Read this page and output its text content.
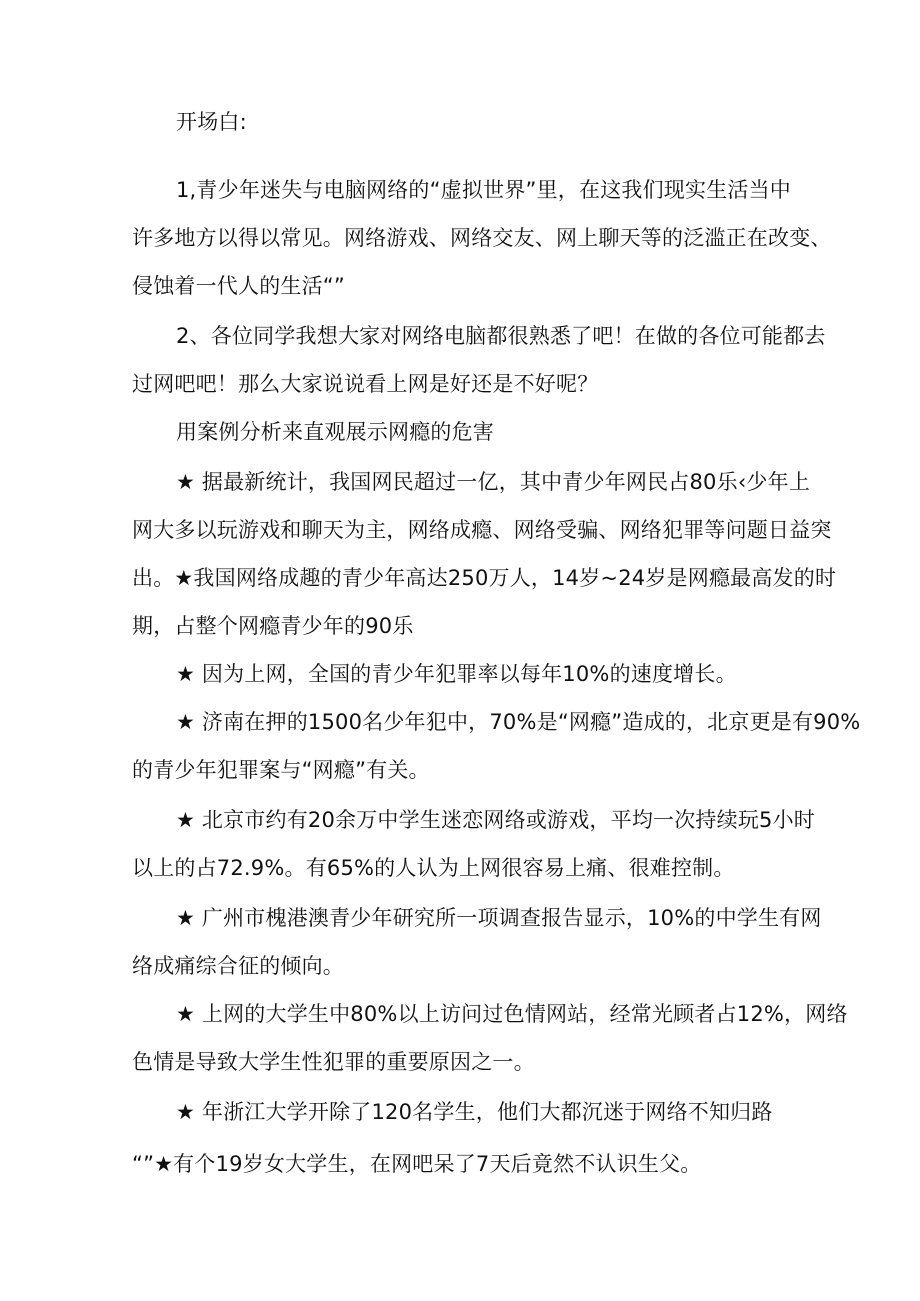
开场白:
1,青少年迷失与电脑网络的“虚拟世界”里，在这我们现实生活当中
许多地方以得以常见。网络游戏、网络交友、网上聊天等的泛滥正在改变、
侵蚀着一代人的生活“”
2、各位同学我想大家对网络电脑都很熟悉了吧！在做的各位可能都去
过网吧吧！那么大家说说看上网是好还是不好呢？
用案例分析来直观展示网瘾的危害
★ 据最新统计，我国网民超过一亿，其中青少年网民占80乐‹少年上
网大多以玩游戏和聊天为主，网络成瘾、网络受骗、网络犯罪等问题日益突
出。★我国网络成趣的青少年高达250万人，14岁~24岁是网瘾最高发的时
期，占整个网瘾青少年的90乐
★ 因为上网，全国的青少年犯罪率以每年10%的速度增长。
★ 济南在押的1500名少年犯中，70%是“网瘾”造成的，北京更是有90%
的青少年犯罪案与“网瘾”有关。
★ 北京市约有20余万中学生迷恋网络或游戏，平均一次持续玩5小时
以上的占72.9%。有65%的人认为上网很容易上痛、很难控制。
★ 广州市槐港澳青少年研究所一项调查报告显示，10%的中学生有网
络成痛综合征的倾向。
★ 上网的大学生中80%以上访问过色情网站，经常光顾者占12%，网络
色情是导致大学生性犯罪的重要原因之一。
★ 年浙江大学开除了120名学生，他们大都沉迷于网络不知归路
“”★有个19岁女大学生，在网吧呆了7天后竟然不认识生父。
